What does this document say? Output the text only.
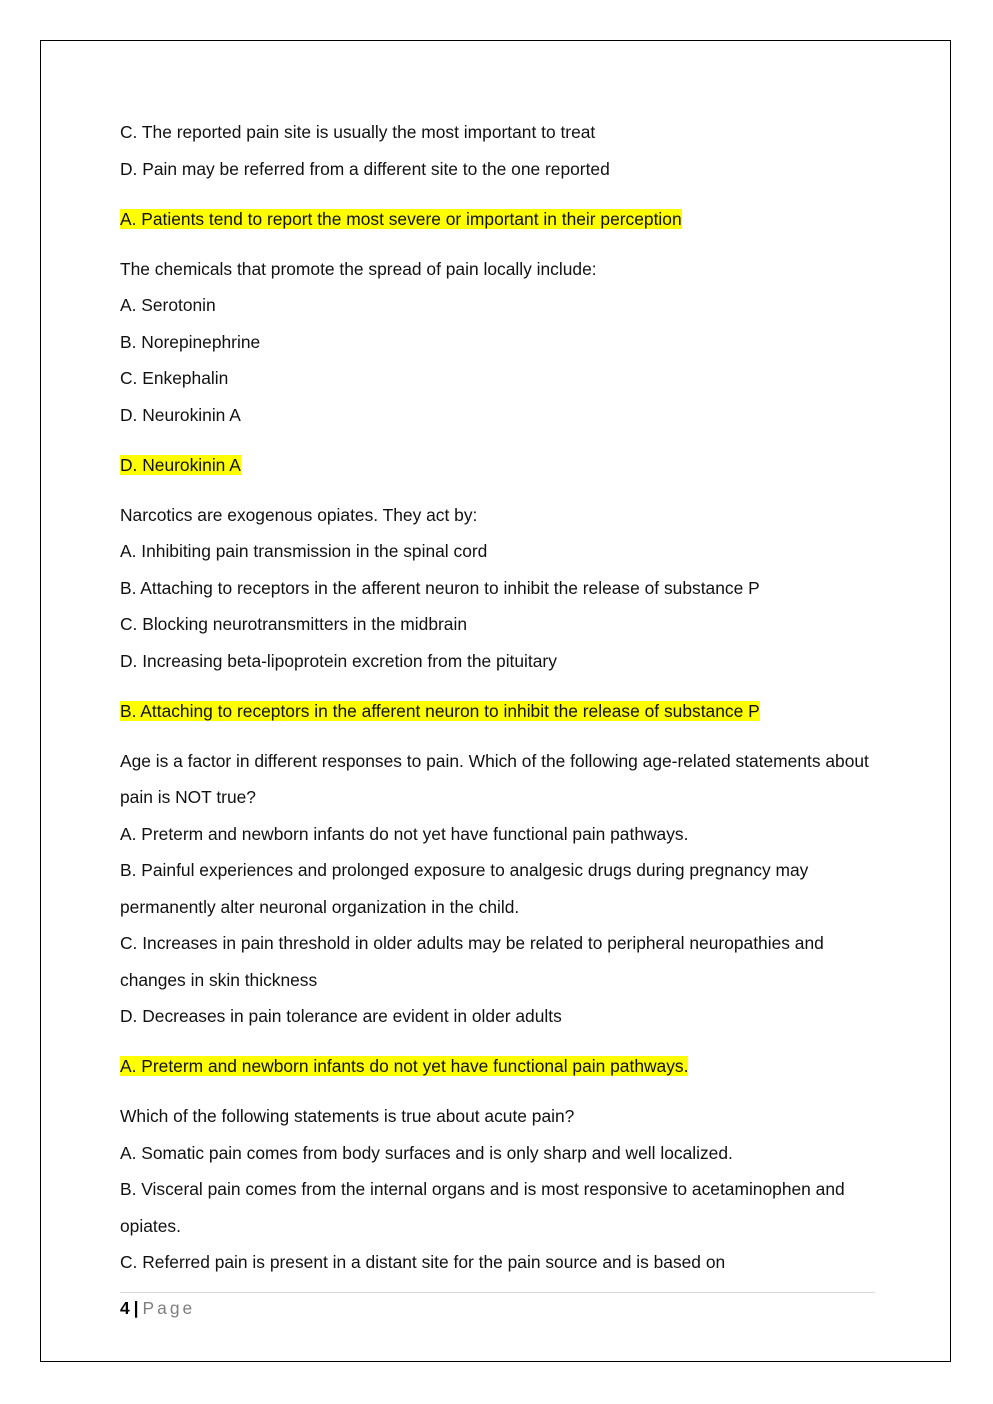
C. The reported pain site is usually the most important to treat
D. Pain may be referred from a different site to the one reported
A. Patients tend to report the most severe or important in their perception
The chemicals that promote the spread of pain locally include:
A. Serotonin
B. Norepinephrine
C. Enkephalin
D. Neurokinin A
D. Neurokinin A
Narcotics are exogenous opiates. They act by:
A. Inhibiting pain transmission in the spinal cord
B. Attaching to receptors in the afferent neuron to inhibit the release of substance P
C. Blocking neurotransmitters in the midbrain
D. Increasing beta-lipoprotein excretion from the pituitary
B. Attaching to receptors in the afferent neuron to inhibit the release of substance P
Age is a factor in different responses to pain. Which of the following age-related statements about pain is NOT true?
A. Preterm and newborn infants do not yet have functional pain pathways.
B. Painful experiences and prolonged exposure to analgesic drugs during pregnancy may permanently alter neuronal organization in the child.
C. Increases in pain threshold in older adults may be related to peripheral neuropathies and changes in skin thickness
D. Decreases in pain tolerance are evident in older adults
A. Preterm and newborn infants do not yet have functional pain pathways.
Which of the following statements is true about acute pain?
A. Somatic pain comes from body surfaces and is only sharp and well localized.
B. Visceral pain comes from the internal organs and is most responsive to acetaminophen and opiates.
C. Referred pain is present in a distant site for the pain source and is based on
4 | Page
